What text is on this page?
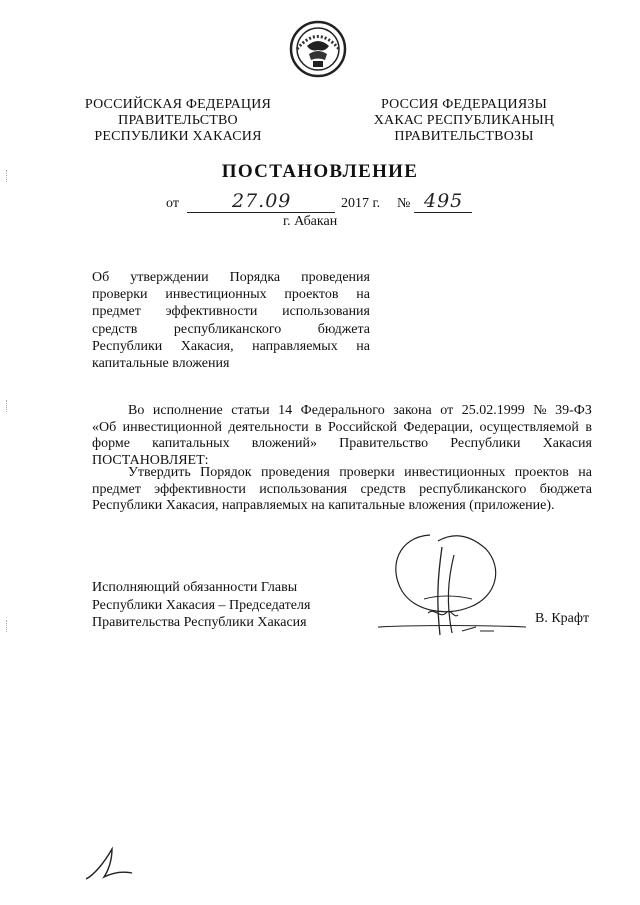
РОССИЙСКАЯ ФЕДЕРАЦИЯ
ПРАВИТЕЛЬСТВО
РЕСПУБЛИКИ ХАКАСИЯ
РОССИЯ ФЕДЕРАЦИЯЗЫ
ХАКАС РЕСПУБЛИКАНЫҢ
ПРАВИТЕЛЬСТВОЗЫ
ПОСТАНОВЛЕНИЕ
от	27.09	2017 г. № 495
г. Абакан
Об утверждении Порядка проведения
проверки инвестиционных проектов на
предмет эффективности использования
средств	республиканского	бюджета
Республики Хакасия, направляемых на
капитальные вложения
Во исполнение статьи 14 Федерального закона от 25.02.1999 № 39-ФЗ
«Об инвестиционной деятельности в Российской Федерации, осуществляемой в
форме капитальных вложений» Правительство Республики Хакасия
ПОСТАНОВЛЯЕТ:
Утвердить Порядок проведения проверки инвестиционных проектов на
предмет эффективности использования средств республиканского бюджета
Республики Хакасия, направляемых на капитальные вложения (приложение).
Исполняющий обязанности Главы
Республики Хакасия – Председателя
Правительства Республики Хакасия	В. Крафт
